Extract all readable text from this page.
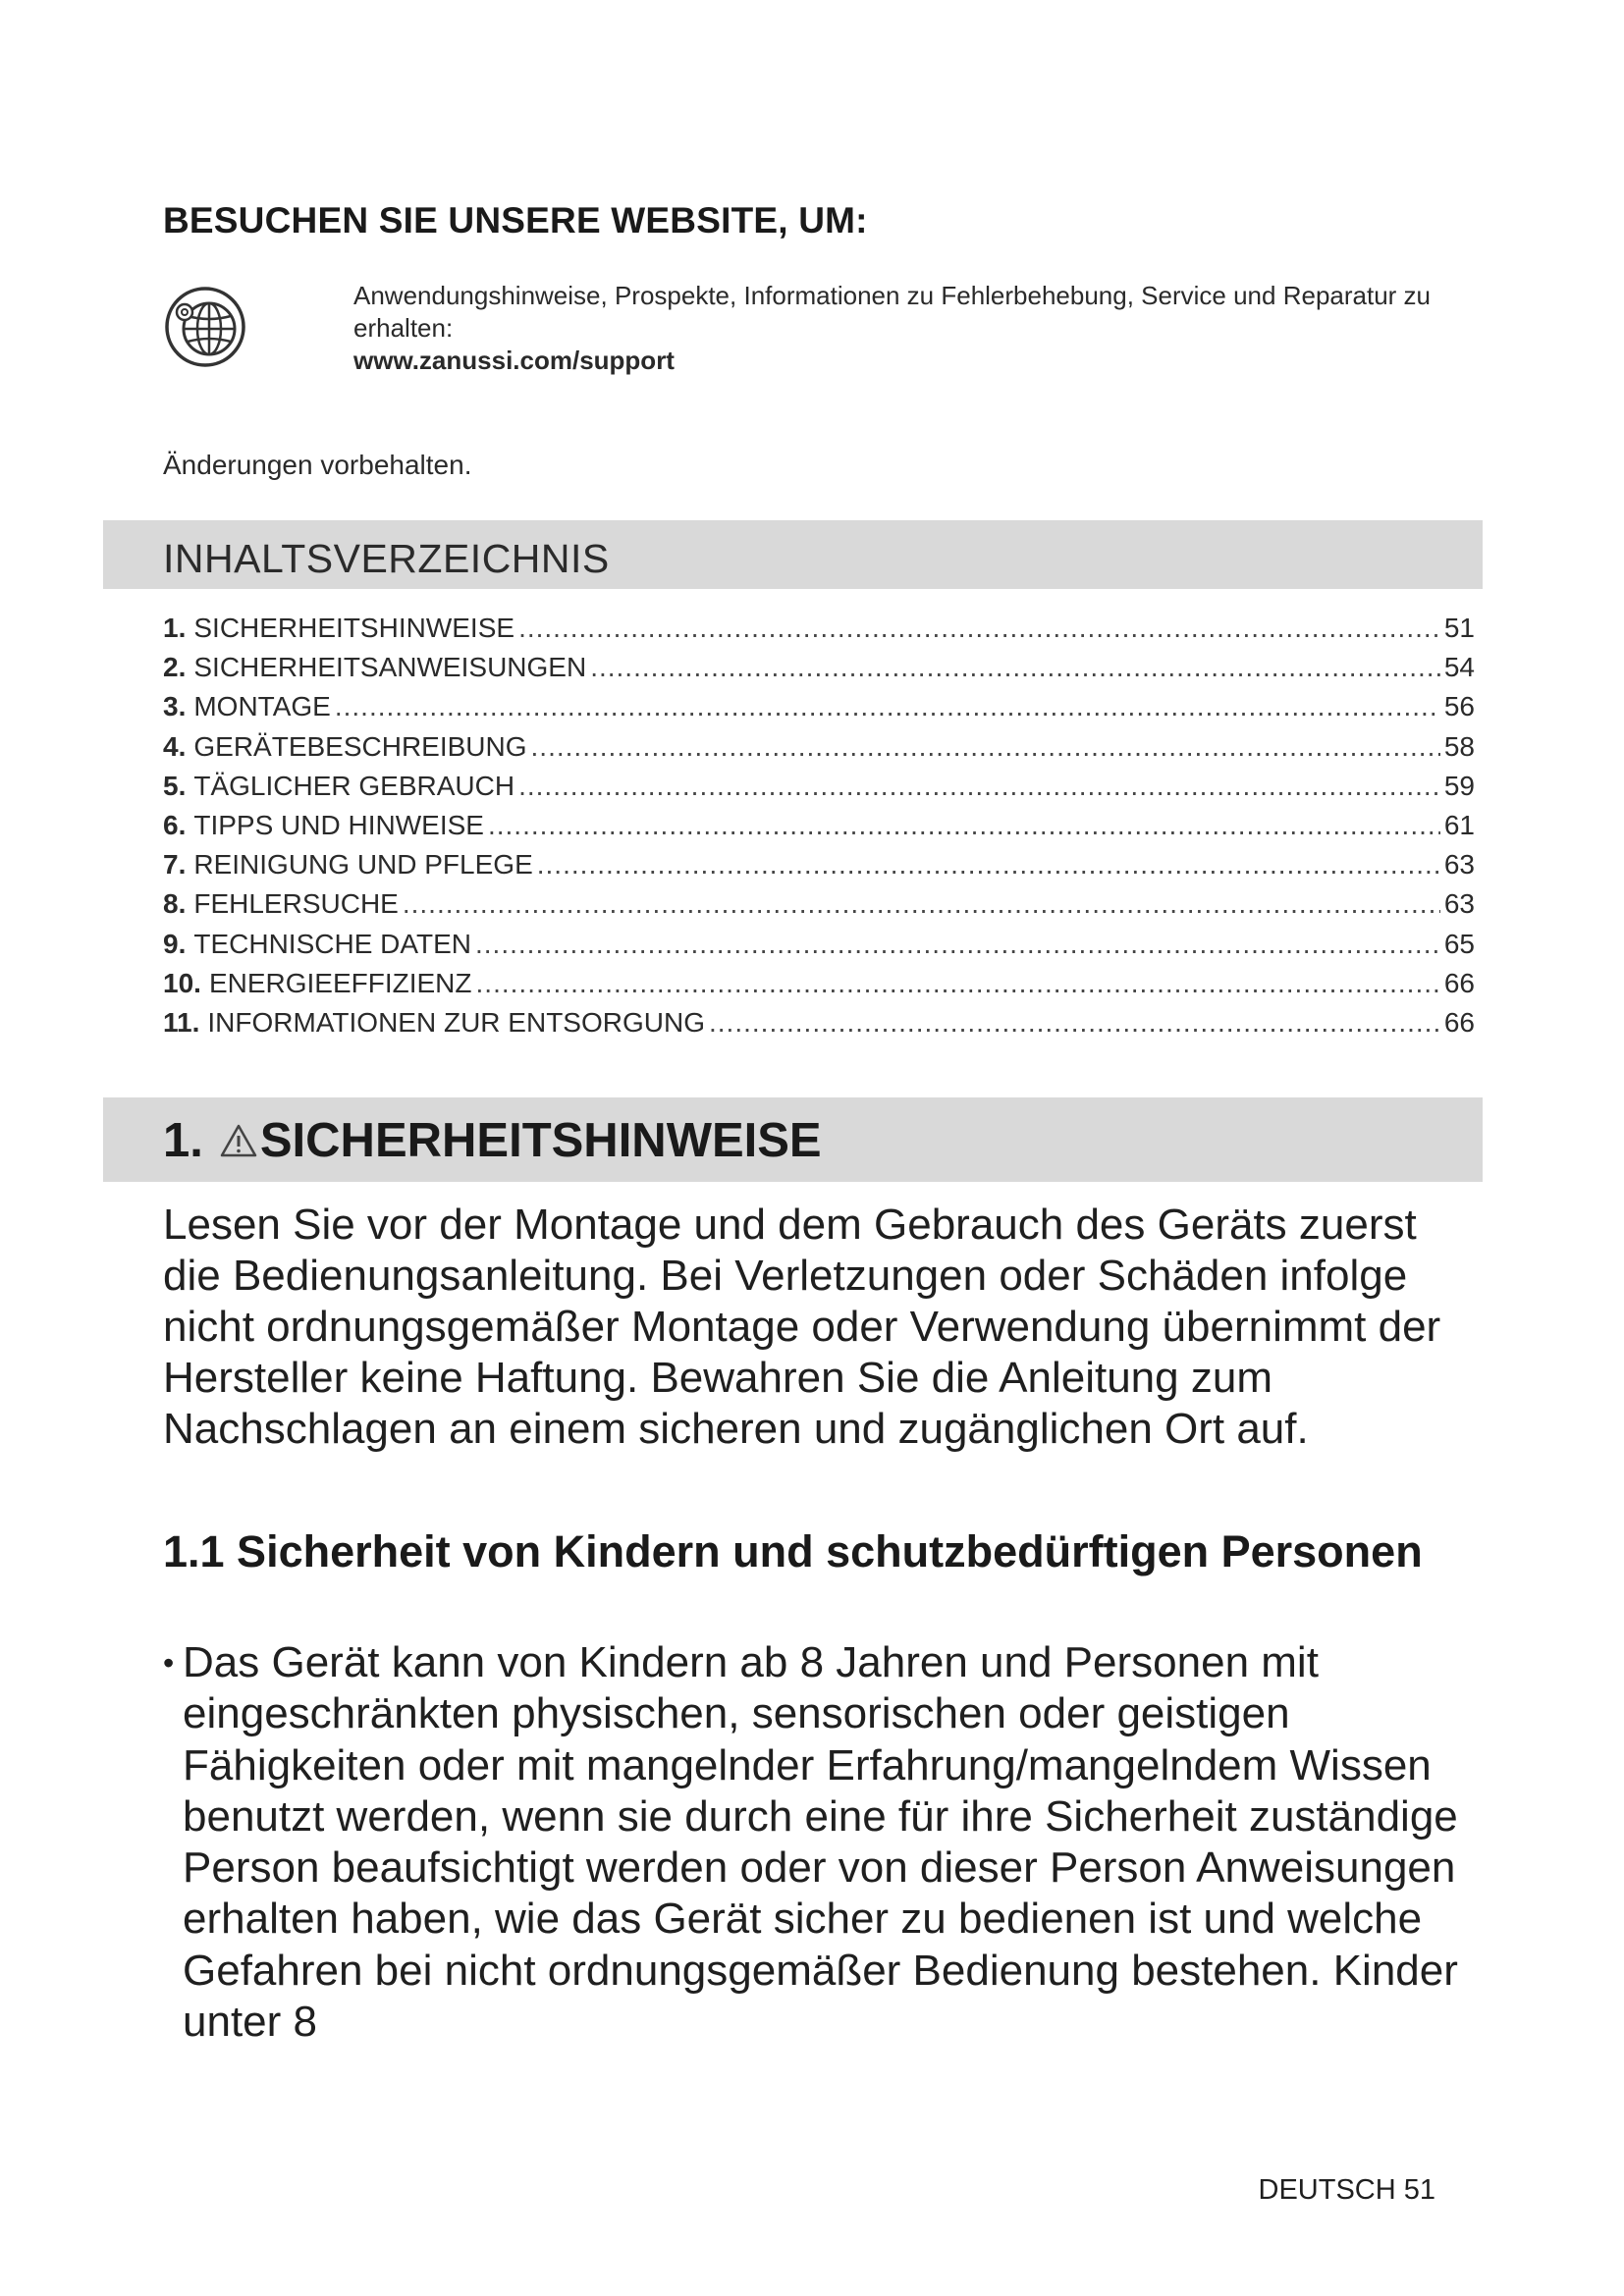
BESUCHEN SIE UNSERE WEBSITE, UM:
Anwendungshinweise, Prospekte, Informationen zu Fehlerbehebung, Service und Reparatur zu erhalten:
www.zanussi.com/support
Änderungen vorbehalten.
INHALTSVERZEICHNIS
1. SICHERHEITSHINWEISE .....	51
2. SICHERHEITSANWEISUNGEN .....	54
3. MONTAGE .....	56
4. GERÄTEBESCHREIBUNG .....	58
5. TÄGLICHER GEBRAUCH .....	59
6. TIPPS UND HINWEISE .....	61
7. REINIGUNG UND PFLEGE .....	63
8. FEHLERSUCHE .....	63
9. TECHNISCHE DATEN .....	65
10. ENERGIEEFFIZIENZ .....	66
11. INFORMATIONEN ZUR ENTSORGUNG .....	66
1. SICHERHEITSHINWEISE
Lesen Sie vor der Montage und dem Gebrauch des Geräts zuerst die Bedienungsanleitung. Bei Verletzungen oder Schäden infolge nicht ordnungsgemäßer Montage oder Verwendung übernimmt der Hersteller keine Haftung. Bewahren Sie die Anleitung zum Nachschlagen an einem sicheren und zugänglichen Ort auf.
1.1 Sicherheit von Kindern und schutzbedürftigen Personen
• Das Gerät kann von Kindern ab 8 Jahren und Personen mit eingeschränkten physischen, sensorischen oder geistigen Fähigkeiten oder mit mangelnder Erfahrung/mangelndem Wissen benutzt werden, wenn sie durch eine für ihre Sicherheit zuständige Person beaufsichtigt werden oder von dieser Person Anweisungen erhalten haben, wie das Gerät sicher zu bedienen ist und welche Gefahren bei nicht ordnungsgemäßer Bedienung bestehen. Kinder unter 8
DEUTSCH 51
